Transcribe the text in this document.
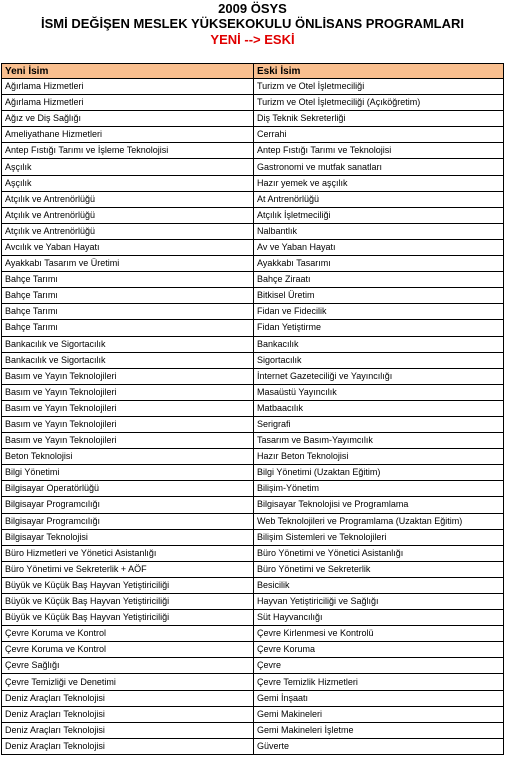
2009 ÖSYS
İSMİ DEĞİŞEN MESLEK YÜKSEKOKULU ÖNLİSANS PROGRAMLARI
YENİ --> ESKİ
Yeni İsim	Eski İsim
Ağırlama Hizmetleri	Turizm ve Otel İşletmeciliği
Ağırlama Hizmetleri	Turizm ve Otel İşletmeciliği (Açıköğretim)
Ağız ve Diş Sağlığı	Diş Teknik Sekreterliği
Ameliyathane Hizmetleri	Cerrahi
Antep Fıstığı Tarımı ve İşleme Teknolojisi	Antep Fıstığı Tarımı ve Teknolojisi
Aşçılık	Gastronomi ve mutfak sanatları
Aşçılık	Hazır yemek ve aşçılık
Atçılık ve Antrenörlüğü	At Antrenörlüğü
Atçılık ve Antrenörlüğü	Atçılık İşletmeciliği
Atçılık ve Antrenörlüğü	Nalbantlık
Avcılık ve Yaban Hayatı	Av ve Yaban Hayatı
Ayakkabı Tasarım ve Üretimi	Ayakkabı Tasarımı
Bahçe Tarımı	Bahçe Ziraatı
Bahçe Tarımı	Bitkisel Üretim
Bahçe Tarımı	Fidan ve Fidecilik
Bahçe Tarımı	Fidan Yetiştirme
Bankacılık ve Sigortacılık	Bankacılık
Bankacılık ve Sigortacılık	Sigortacılık
Basım ve Yayın Teknolojileri	İnternet Gazeteciliği ve Yayıncılığı
Basım ve Yayın Teknolojileri	Masaüstü Yayıncılık
Basım ve Yayın Teknolojileri	Matbaacılık
Basım ve Yayın Teknolojileri	Serigrafi
Basım ve Yayın Teknolojileri	Tasarım ve Basım-Yayımcılık
Beton Teknolojisi	Hazır Beton Teknolojisi
Bilgi Yönetimi	Bilgi Yönetimi (Uzaktan Eğitim)
Bilgisayar Operatörlüğü	Bilişim-Yönetim
Bilgisayar Programcılığı	Bilgisayar Teknolojisi ve Programlama
Bilgisayar Programcılığı	Web Teknolojileri ve Programlama (Uzaktan Eğitim)
Bilgisayar Teknolojisi	Bilişim Sistemleri ve Teknolojileri
Büro Hizmetleri ve Yönetici Asistanlığı	Büro Yönetimi ve Yönetici Asistanlığı
Büro Yönetimi ve Sekreterlik + AÖF	Büro Yönetimi ve Sekreterlik
Büyük ve Küçük Baş Hayvan Yetiştiriciliği	Besicilik
Büyük ve Küçük Baş Hayvan Yetiştiriciliği	Hayvan Yetiştiriciliği ve Sağlığı
Büyük ve Küçük Baş Hayvan Yetiştiriciliği	Süt Hayvancılığı
Çevre Koruma ve Kontrol	Çevre Kirlenmesi ve Kontrolü
Çevre Koruma ve Kontrol	Çevre Koruma
Çevre Sağlığı	Çevre
Çevre Temizliği ve Denetimi	Çevre Temizlik Hizmetleri
Deniz Araçları Teknolojisi	Gemi İnşaatı
Deniz Araçları Teknolojisi	Gemi Makineleri
Deniz Araçları Teknolojisi	Gemi Makineleri İşletme
Deniz Araçları Teknolojisi	Güverte
